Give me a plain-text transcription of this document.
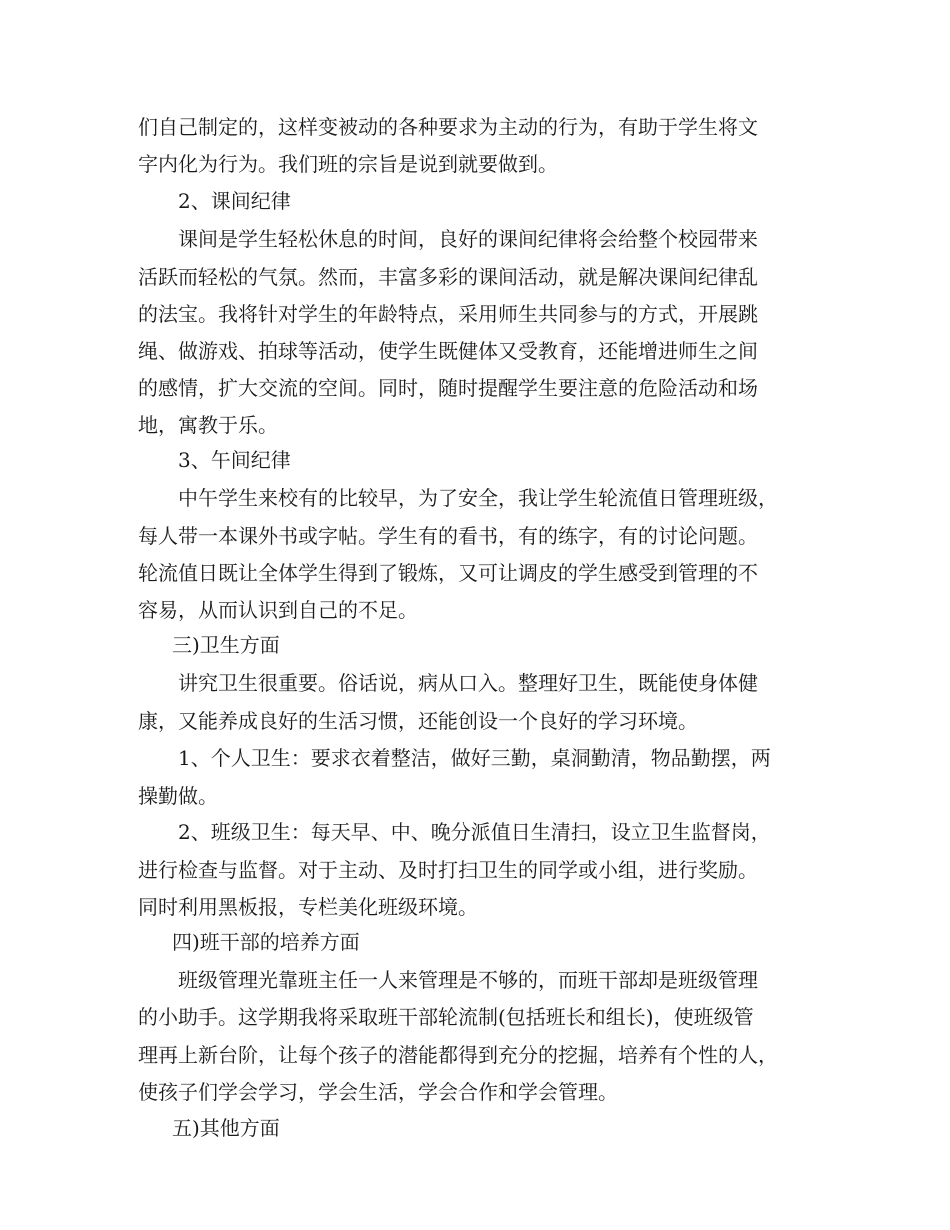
们自己制定的，这样变被动的各种要求为主动的行为，有助于学生将文
字内化为行为。我们班的宗旨是说到就要做到。
2、课间纪律
课间是学生轻松休息的时间，良好的课间纪律将会给整个校园带来
活跃而轻松的气氛。然而，丰富多彩的课间活动，就是解决课间纪律乱
的法宝。我将针对学生的年龄特点，采用师生共同参与的方式，开展跳
绳、做游戏、拍球等活动，使学生既健体又受教育，还能增进师生之间
的感情，扩大交流的空间。同时，随时提醒学生要注意的危险活动和场
地，寓教于乐。
3、午间纪律
中午学生来校有的比较早，为了安全，我让学生轮流值日管理班级，
每人带一本课外书或字帖。学生有的看书，有的练字，有的讨论问题。
轮流值日既让全体学生得到了锻炼，又可让调皮的学生感受到管理的不
容易，从而认识到自己的不足。
三)卫生方面
讲究卫生很重要。俗话说，病从口入。整理好卫生，既能使身体健
康，又能养成良好的生活习惯，还能创设一个良好的学习环境。
1、个人卫生：要求衣着整洁，做好三勤，桌洞勤清，物品勤摆，两
操勤做。
2、班级卫生：每天早、中、晚分派值日生清扫，设立卫生监督岗，
进行检查与监督。对于主动、及时打扫卫生的同学或小组，进行奖励。
同时利用黑板报，专栏美化班级环境。
四)班干部的培养方面
班级管理光靠班主任一人来管理是不够的，而班干部却是班级管理
的小助手。这学期我将采取班干部轮流制(包括班长和组长)，使班级管
理再上新台阶，让每个孩子的潜能都得到充分的挖掘，培养有个性的人，
使孩子们学会学习，学会生活，学会合作和学会管理。
五)其他方面
